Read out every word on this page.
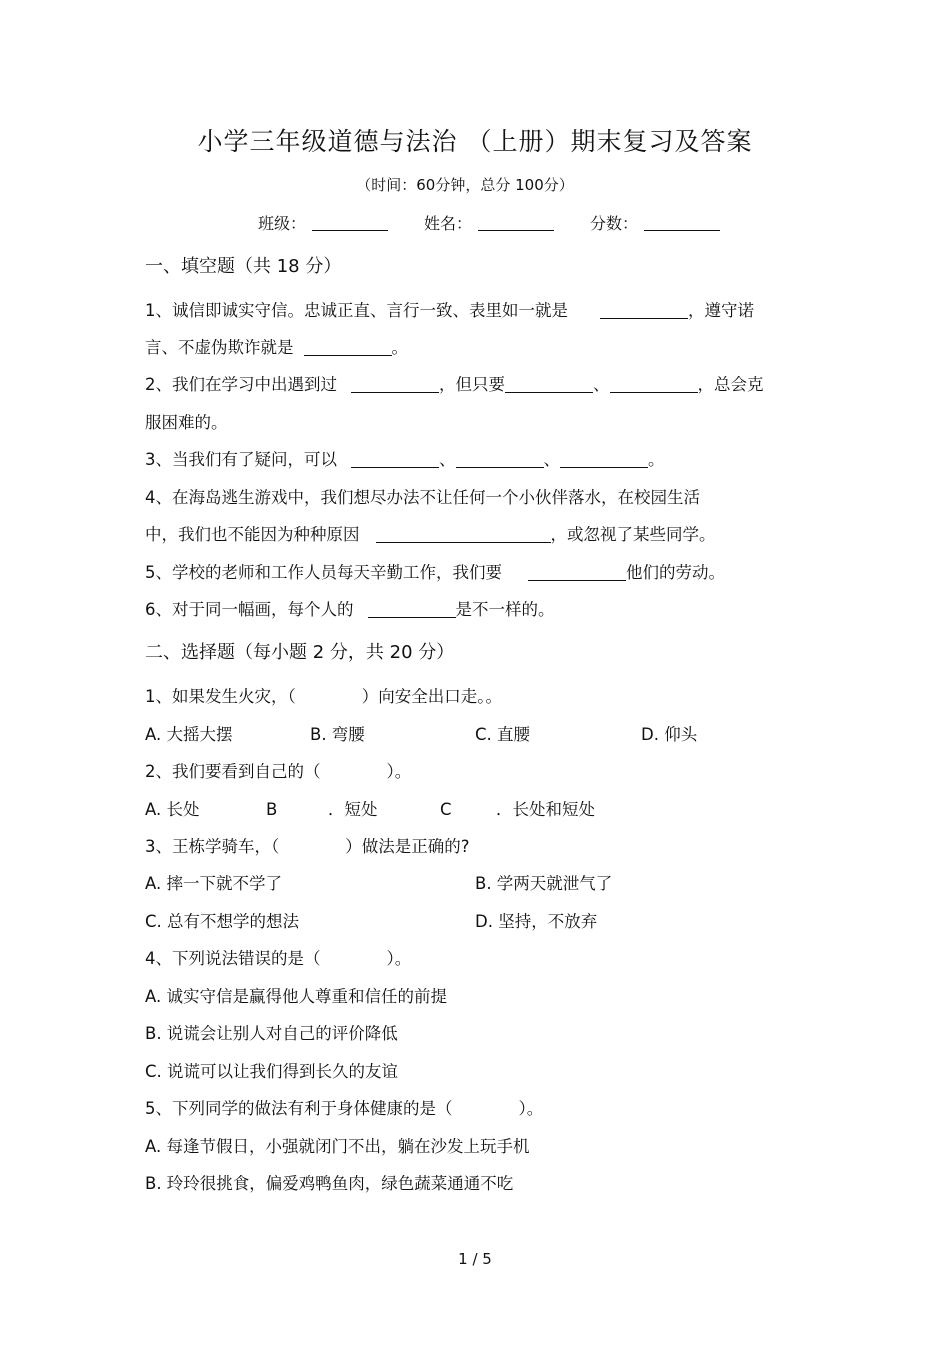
小学三年级道德与法治 （上册）期末复习及答案
（时间：60分钟，总分 100分）
班级：	姓名：	分数：
一、填空题（共 18 分）
1、诚信即诚实守信。忠诚正直、言行一致、表里如一就是	，遵守诺
言、不虚伪欺诈就是	。
2、我们在学习中出遇到过	，但只要	、	，总会克
服困难的。
3、当我们有了疑问，可以	、	、	。
4、在海岛逃生游戏中，我们想尽办法不让任何一个小伙伴落水，在校园生活
中，我们也不能因为种种原因	，或忽视了某些同学。
5、学校的老师和工作人员每天辛勤工作，我们要	他们的劳动。
6、对于同一幅画，每个人的	是不一样的。
二、选择题（每小题 2 分，共 20 分）
1、如果发生火灾，（　　　　）向安全出口走。。
A. 大摇大摆	B. 弯腰	C. 直腰	D. 仰头
2、我们要看到自己的（　　　　）。
A. 长处	B	．短处	C	．长处和短处
3、王栋学骑车，（　　　　）做法是正确的?
A. 摔一下就不学了	B. 学两天就泄气了
C. 总有不想学的想法	D. 坚持，不放弃
4、下列说法错误的是（　　　　）。
A. 诚实守信是赢得他人尊重和信任的前提
B. 说谎会让别人对自己的评价降低
C. 说谎可以让我们得到长久的友谊
5、下列同学的做法有利于身体健康的是（　　　　）。
A. 每逢节假日，小强就闭门不出，躺在沙发上玩手机
B. 玲玲很挑食，偏爱鸡鸭鱼肉，绿色蔬菜通通不吃
1 / 5
